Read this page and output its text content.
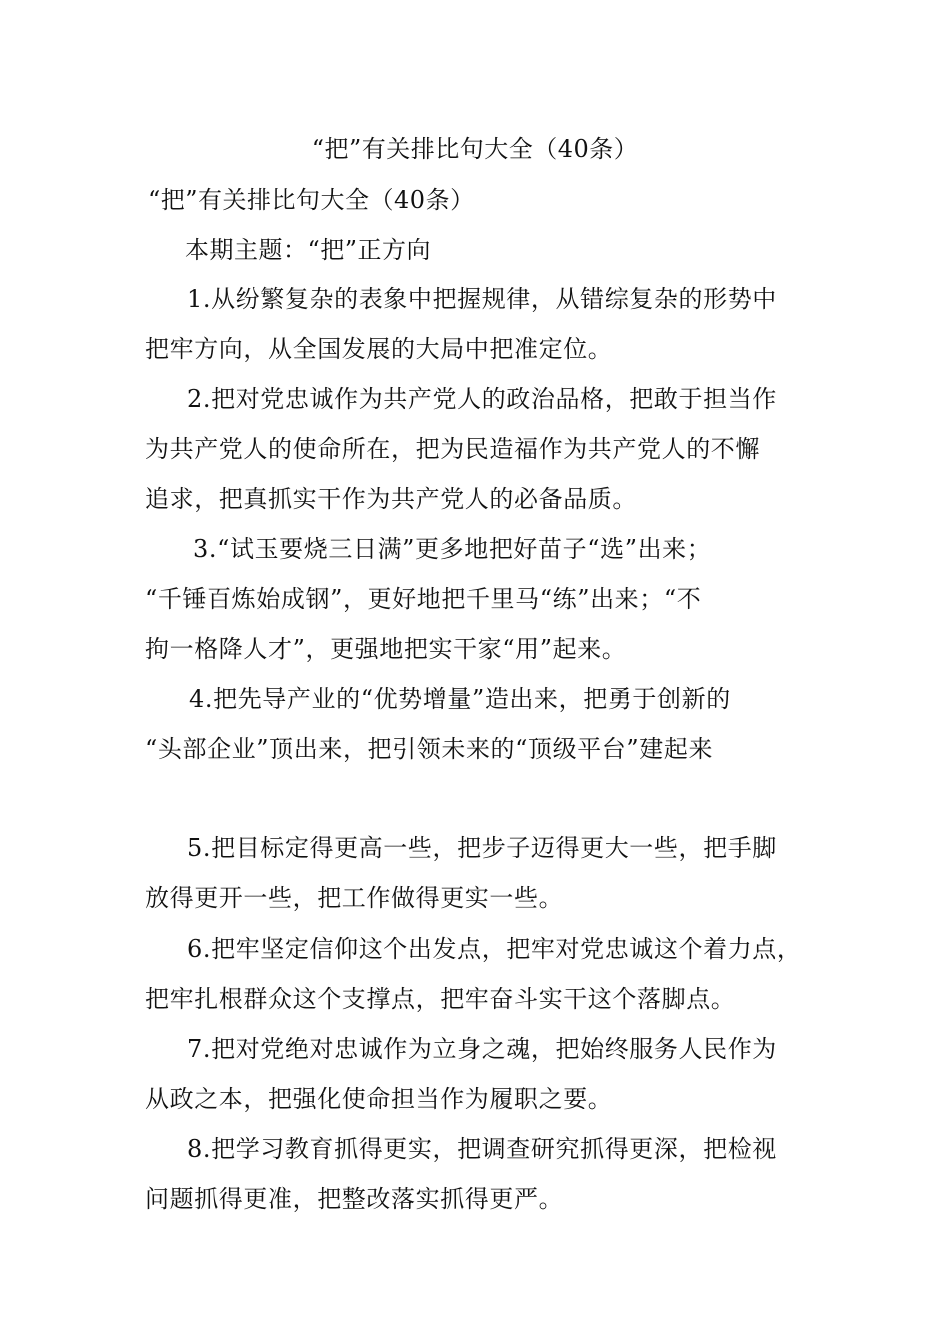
“把”有关排比句大全（40条）
“把”有关排比句大全（40条）
本期主题：“把”正方向
1.从纷繁复杂的表象中把握规律，从错综复杂的形势中
把牢方向，从全国发展的大局中把准定位。
2.把对党忠诚作为共产党人的政治品格，把敢于担当作
为共产党人的使命所在，把为民造福作为共产党人的不懈
追求，把真抓实干作为共产党人的必备品质。
3.“试玉要烧三日满”更多地把好苗子“选”出来；
“千锤百炼始成钢”，更好地把千里马“练”出来；“不
拘一格降人才”，更强地把实干家“用”起来。
4.把先导产业的“优势增量”造出来，把勇于创新的
“头部企业”顶出来，把引领未来的“顶级平台”建起来
5.把目标定得更高一些，把步子迈得更大一些，把手脚
放得更开一些，把工作做得更实一些。
6.把牢坚定信仰这个出发点，把牢对党忠诚这个着力点，
把牢扎根群众这个支撑点，把牢奋斗实干这个落脚点。
7.把对党绝对忠诚作为立身之魂，把始终服务人民作为
从政之本，把强化使命担当作为履职之要。
8.把学习教育抓得更实，把调查研究抓得更深，把检视
问题抓得更准，把整改落实抓得更严。
